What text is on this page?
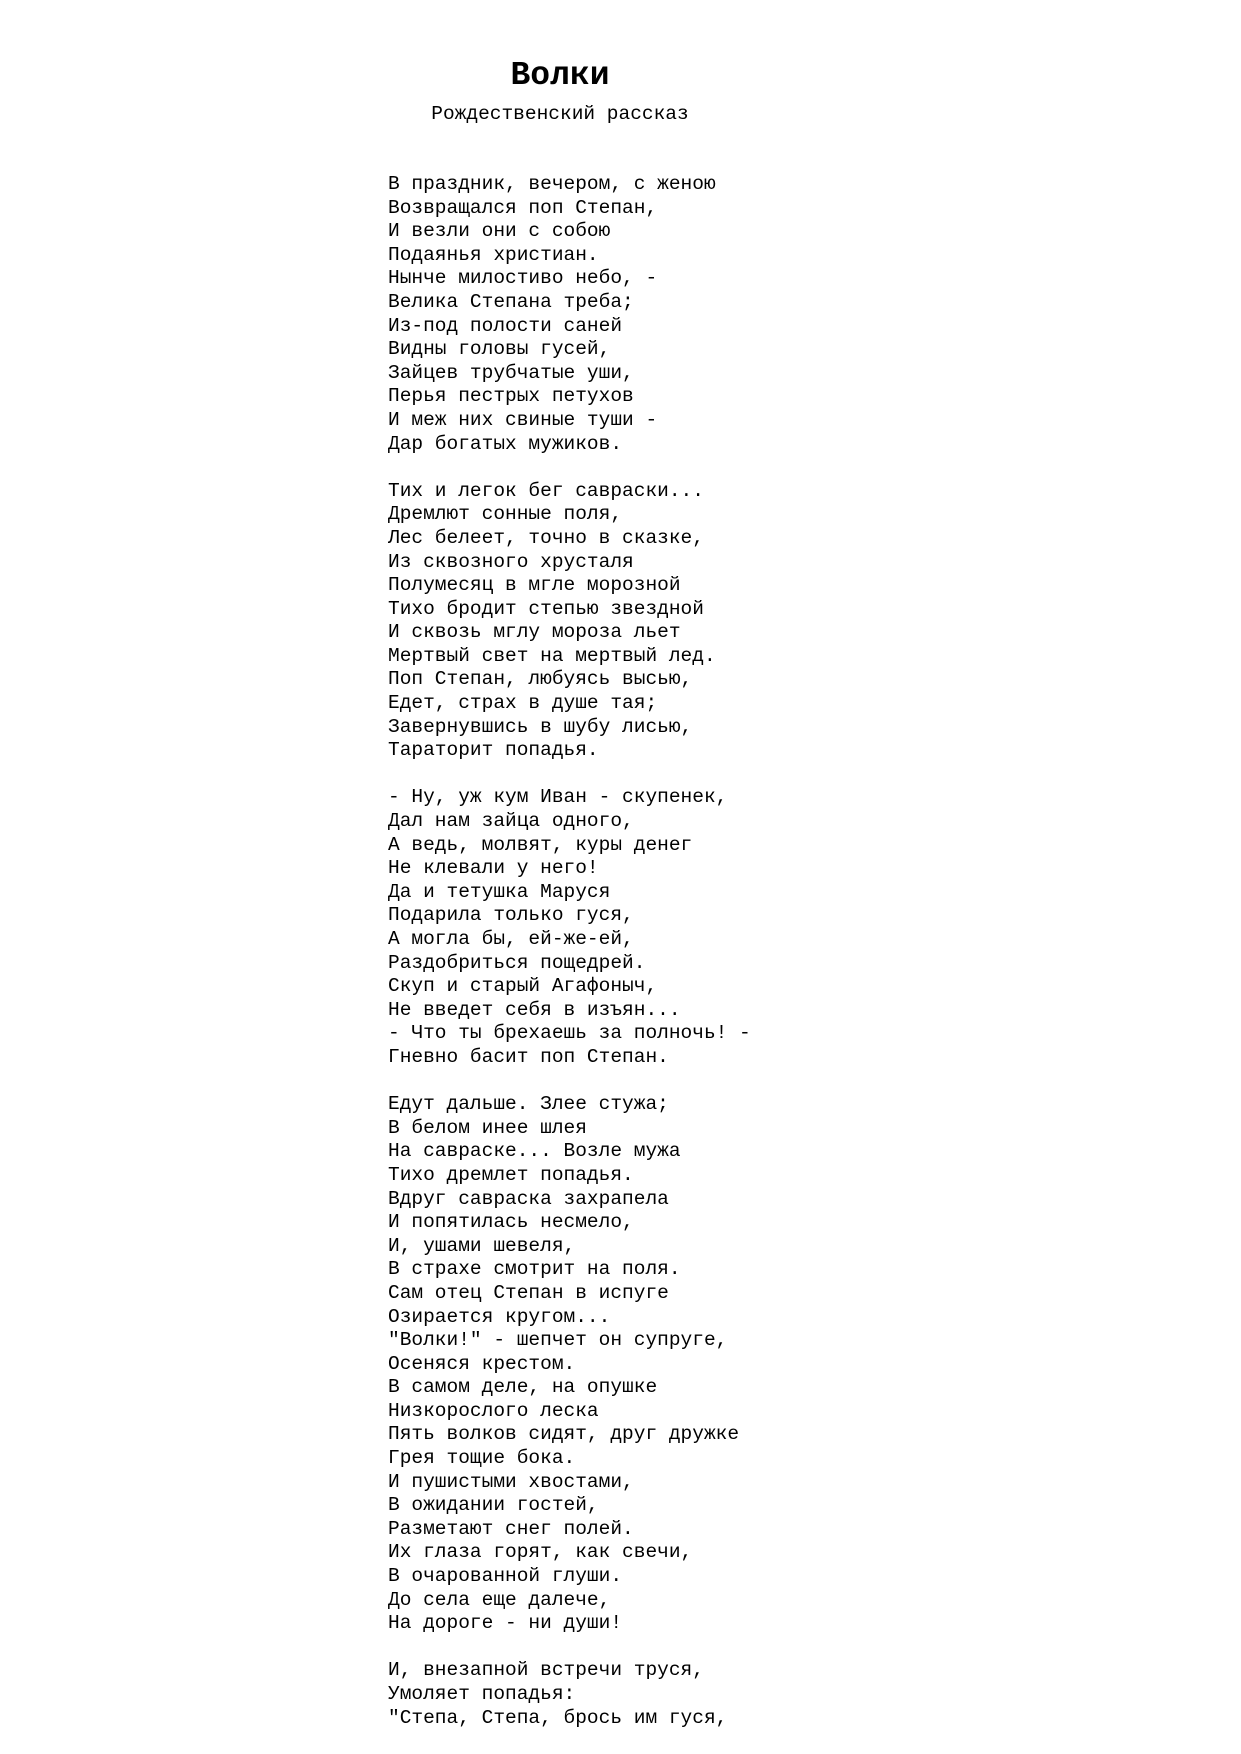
Волки
Рождественский рассказ
В праздник, вечером, с женою
Возвращался поп Степан,
И везли они с собою
Подаянья христиан.
Нынче милостиво небо, -
Велика Степана треба;
Из-под полости саней
Видны головы гусей,
Зайцев трубчатые уши,
Перья пестрых петухов
И меж них свиные туши -
Дар богатых мужиков.
Тих и легок бег савраски...
Дремлют сонные поля,
Лес белеет, точно в сказке,
Из сквозного хрусталя
Полумесяц в мгле морозной
Тихо бродит степью звездной
И сквозь мглу мороза льет
Мертвый свет на мертвый лед.
Поп Степан, любуясь высью,
Едет, страх в душе тая;
Завернувшись в шубу лисью,
Тараторит попадья.
- Ну, уж кум Иван - скупенек,
Дал нам зайца одного,
А ведь, молвят, куры денег
Не клевали у него!
Да и тетушка Маруся
Подарила только гуся,
А могла бы, ей-же-ей,
Раздобриться пощедрей.
Скуп и старый Агафоныч,
Не введет себя в изъян...
- Что ты брехаешь за полночь! -
Гневно басит поп Степан.
Едут дальше. Злее стужа;
В белом инее шлея
На савраске... Возле мужа
Тихо дремлет попадья.
Вдруг савраска захрапела
И попятилась несмело,
И, ушами шевеля,
В страхе смотрит на поля.
Сам отец Степан в испуге
Озирается кругом...
"Волки!" - шепчет он супруге,
Осеняся крестом.
В самом деле, на опушке
Низкорослого леска
Пять волков сидят, друг дружке
Грея тощие бока.
И пушистыми хвостами,
В ожидании гостей,
Разметают снег полей.
Их глаза горят, как свечи,
В очарованной глуши.
До села еще далече,
На дороге - ни души!
И, внезапной встречи труся,
Умоляет попадья:
"Степа, Степа, брось им гуся,
